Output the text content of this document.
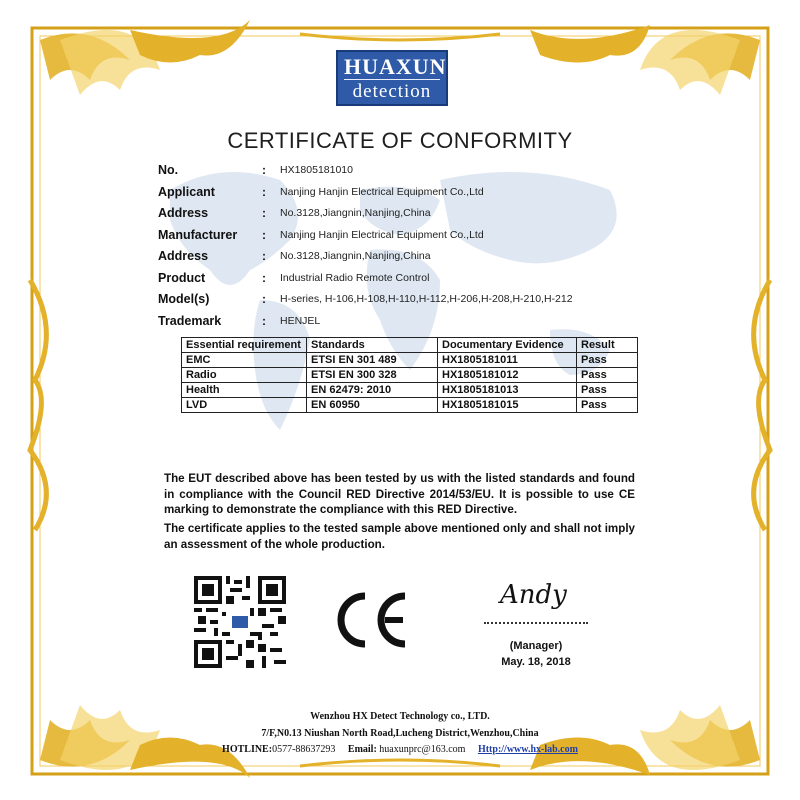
HUAXUN
detection
CERTIFICATE OF CONFORMITY
No.	: HX1805181010
Applicant	: Nanjing Hanjin Electrical Equipment Co.,Ltd
Address	: No.3128,Jiangnin,Nanjing,China
Manufacturer : Nanjing Hanjin Electrical Equipment Co.,Ltd
Address	: No.3128,Jiangnin,Nanjing,China
Product	: Industrial Radio Remote Control
Model(s)	: H-series, H-106,H-108,H-110,H-112,H-206,H-208,H-210,H-212
Trademark	: HENJEL
Essential requirement	Standards	Documentary Evidence	Result
EMC	ETSI EN 301 489	HX1805181011	Pass
Radio	ETSI EN 300 328	HX1805181012	Pass
Health	EN 62479: 2010	HX1805181013	Pass
LVD	EN 60950	HX1805181015	Pass
The EUT described above has been tested by us with the listed standards and found in compliance with the Council RED Directive 2014/53/EU. It is possible to use CE marking to demonstrate the compliance with this RED Directive.
The certificate applies to the tested sample above mentioned only and shall not imply an assessment of the whole production.
Andy
(Manager)
May. 18, 2018
Wenzhou HX Detect Technology co., LTD.
7/F,N0.13 Niushan North Road,Lucheng District,Wenzhou,China
HOTLINE:0577-88637293 Email: huaxunprc@163.com Http://www.hx-lab.com
